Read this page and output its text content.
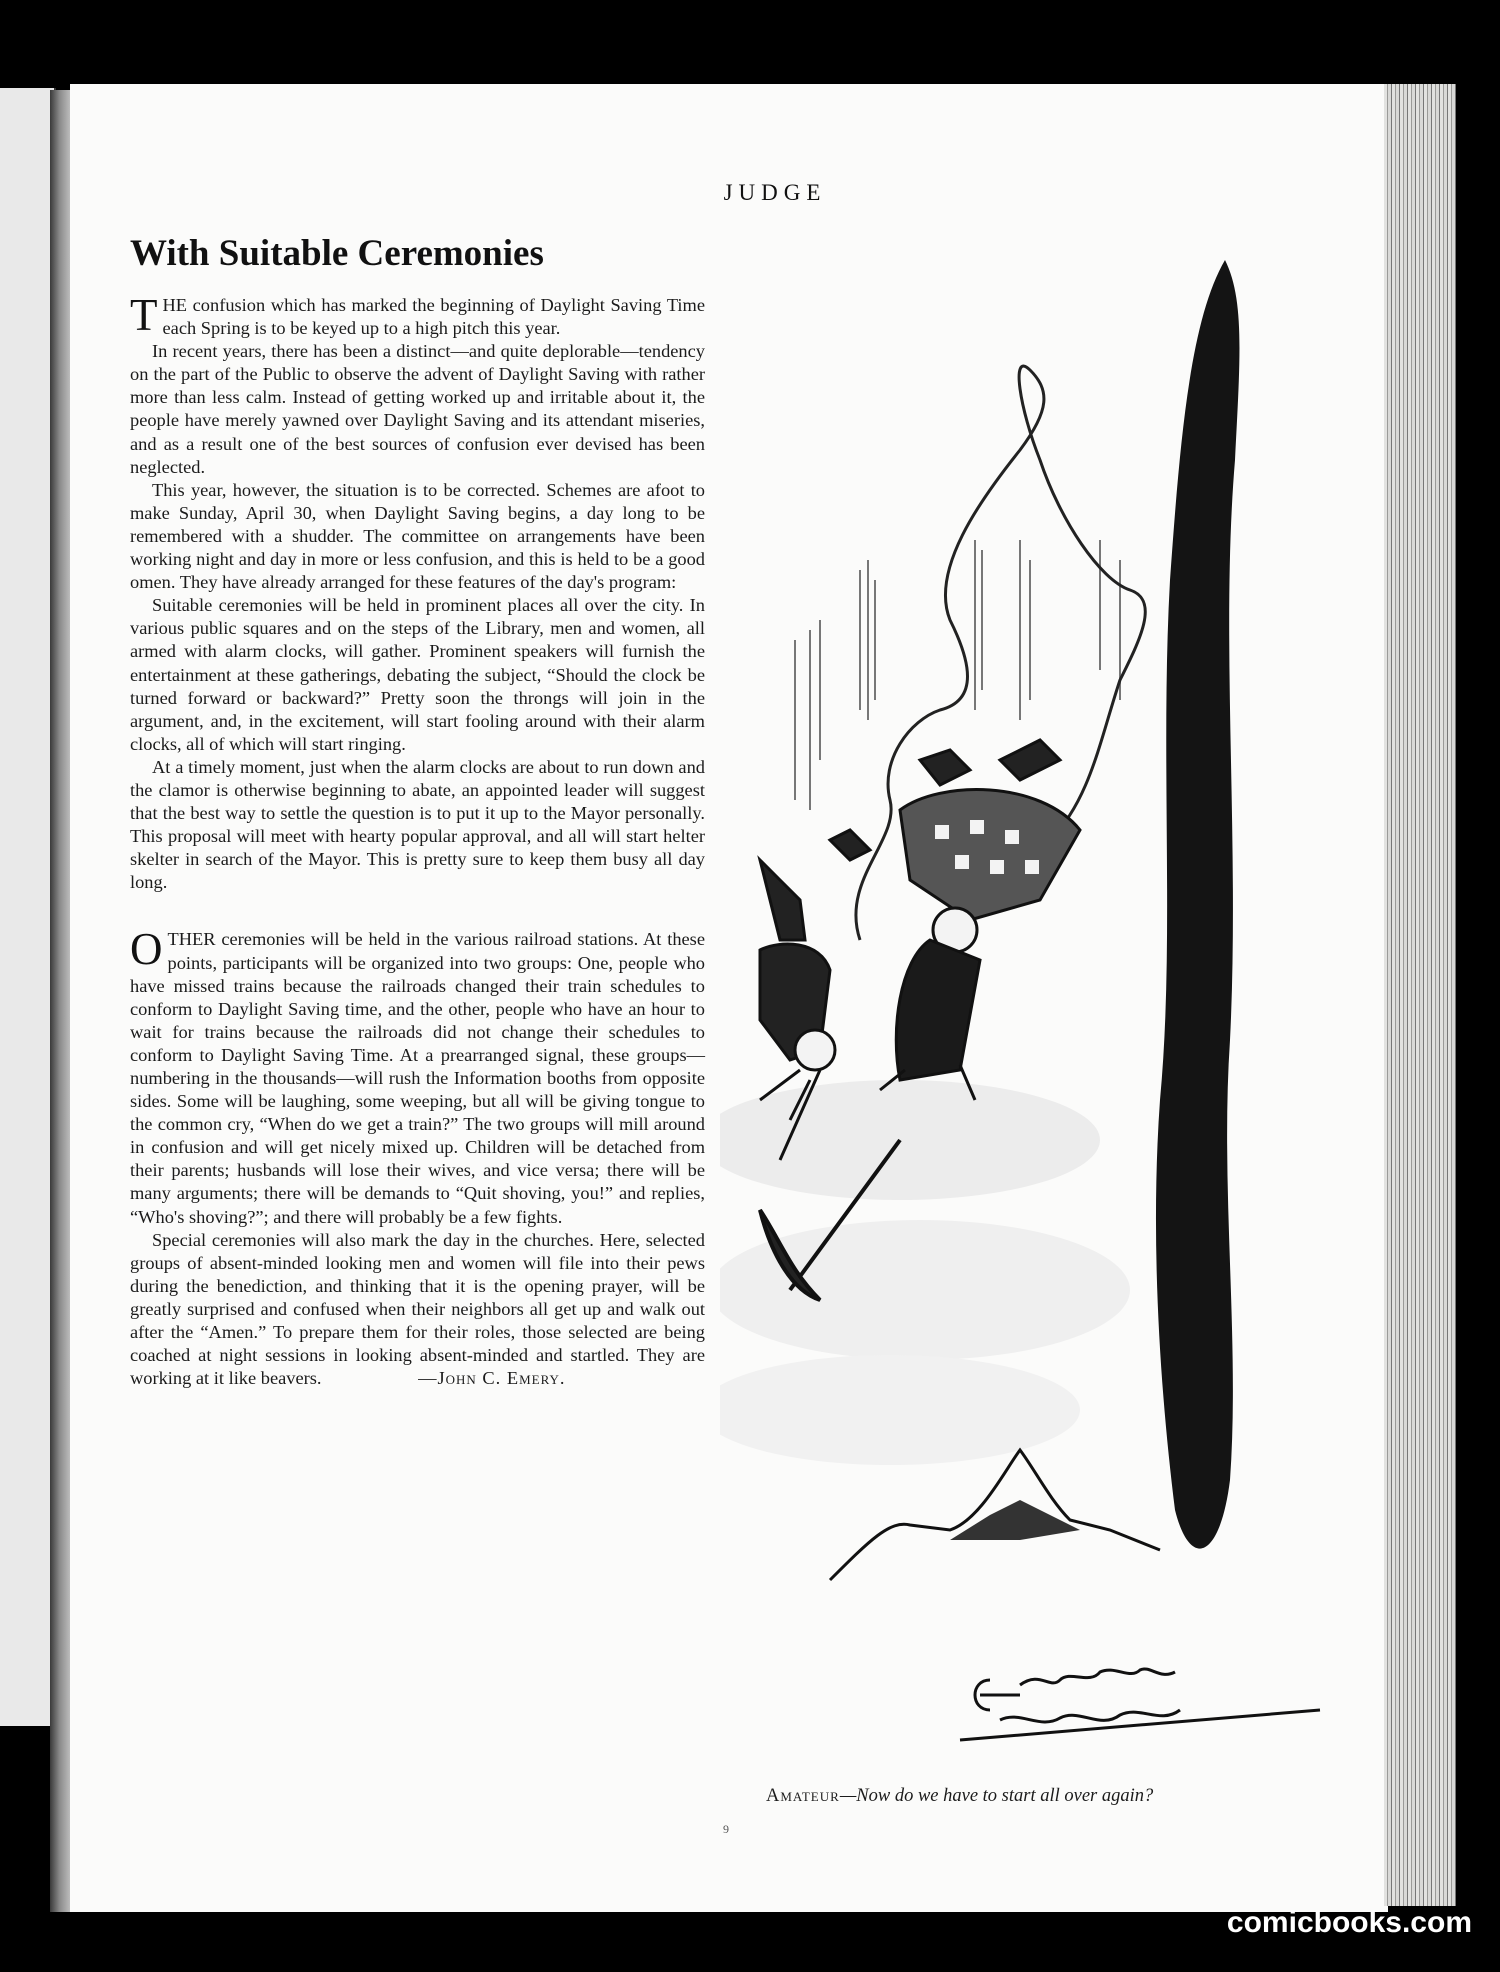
JUDGE
With Suitable Ceremonies

THE confusion which has marked the beginning of Daylight Saving Time each Spring is to be keyed up to a high pitch this year.

In recent years, there has been a distinct—and quite deplorable—tendency on the part of the Public to observe the advent of Daylight Saving with rather more than less calm. Instead of getting worked up and irritable about it, the people have merely yawned over Daylight Saving and its attendant miseries, and as a result one of the best sources of confusion ever devised has been neglected.

This year, however, the situation is to be corrected. Schemes are afoot to make Sunday, April 30, when Daylight Saving begins, a day long to be remembered with a shudder. The committee on arrangements have been working night and day in more or less confusion, and this is held to be a good omen. They have already arranged for these features of the day's program:

Suitable ceremonies will be held in prominent places all over the city. In various public squares and on the steps of the Library, men and women, all armed with alarm clocks, will gather. Prominent speakers will furnish the entertainment at these gatherings, debating the subject, “Should the clock be turned forward or backward?” Pretty soon the throngs will join in the argument, and, in the excitement, will start fooling around with their alarm clocks, all of which will start ringing.

At a timely moment, just when the alarm clocks are about to run down and the clamor is otherwise beginning to abate, an appointed leader will suggest that the best way to settle the question is to put it up to the Mayor personally. This proposal will meet with hearty popular approval, and all will start helter skelter in search of the Mayor. This is pretty sure to keep them busy all day long.

OTHER ceremonies will be held in the various railroad stations. At these points, participants will be organized into two groups: One, people who have missed trains because the railroads changed their train schedules to conform to Daylight Saving time, and the other, people who have an hour to wait for trains because the railroads did not change their schedules to conform to Daylight Saving Time. At a prearranged signal, these groups—numbering in the thousands—will rush the Information booths from opposite sides. Some will be laughing, some weeping, but all will be giving tongue to the common cry, “When do we get a train?” The two groups will mill around in confusion and will get nicely mixed up. Children will be detached from their parents; husbands will lose their wives, and vice versa; there will be many arguments; there will be demands to “Quit shoving, you!” and replies, “Who's shoving?”; and there will probably be a few fights.

Special ceremonies will also mark the day in the churches. Here, selected groups of absent-minded looking men and women will file into their pews during the benediction, and thinking that it is the opening prayer, will be greatly surprised and confused when their neighbors all get up and walk out after the “Amen.” To prepare them for their roles, those selected are being coached at night sessions in looking absent-minded and startled. They are working at it like beavers.	—John C. Emery.

E Simms Campbell
Amateur—Now do we have to start all over again?
9
comicbooks.com
